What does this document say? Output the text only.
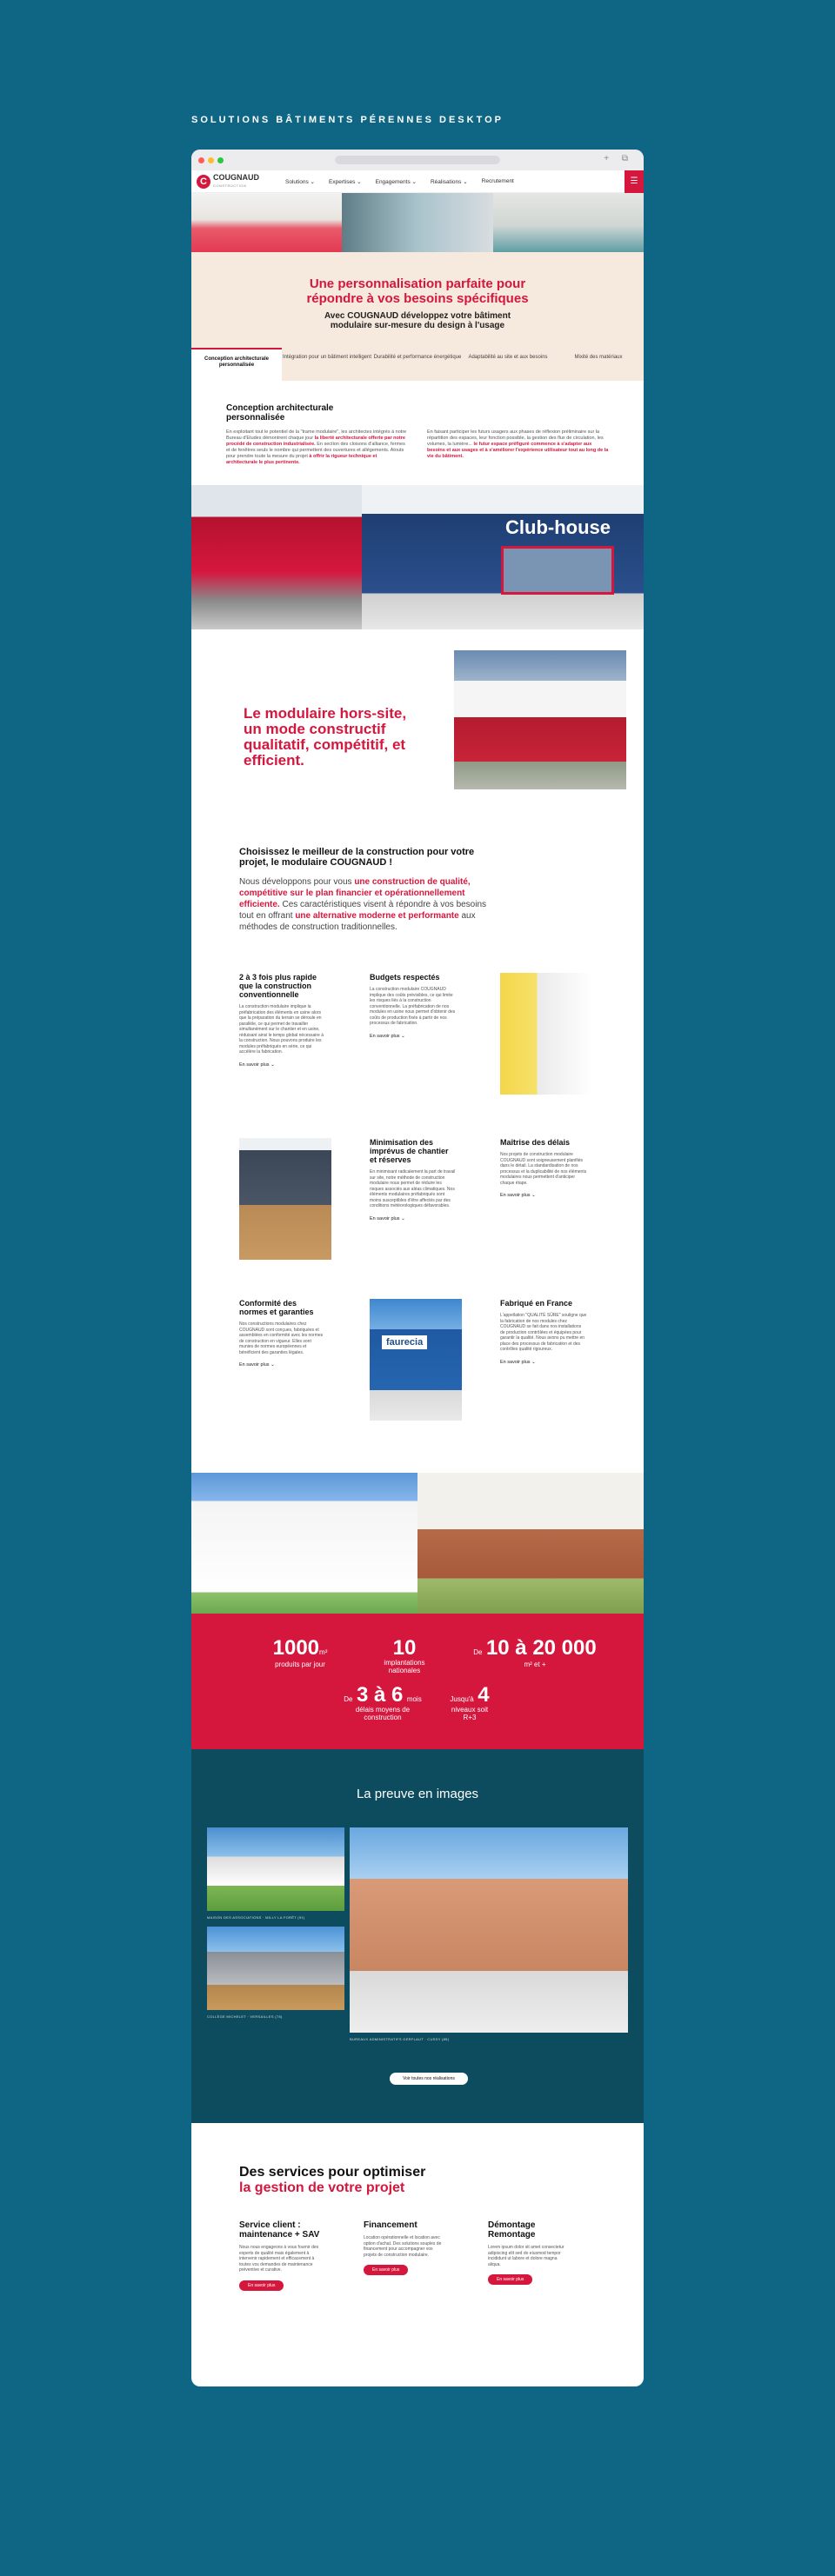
SOLUTIONS BÂTIMENTS PÉRENNES DESKTOP
+ ⧉
C COUGNAUD
CONSTRUCTION
Solutions ⌄ Expertises ⌄ Engagements ⌄ Réalisations ⌄ Recrutement	☰
Une personnalisation parfaite pour répondre à vos besoins spécifiques

Avec COUGNAUD développez votre bâtiment modulaire sur-mesure du design à l'usage

Conception architecturale personnalisée
Intégration pour un bâtiment intelligent Durabilité et performance énergétique	Adaptabilité au site et aux besoins	Mixité des matériaux
Conception architecturale personnalisée

En exploitant tout le potentiel de la "trame modulaire", les architectes intégrés à notre Bureau d'Etudes démontrent chaque jour la liberté architecturale offerte par notre procédé de construction industrialisée. En section des cloisons d'alliance, fermes et de fenêtres seuls le nombre qui permettent des ouvertures et allégements. Atouts pour prendre toute la mesure du projet à offrir la rigueur technique et architecturale le plus pertinente.

En faisant participer les futurs usagers aux phases de réflexion préliminaire sur la répartition des espaces, leur fonction possible, la gestion des flux de circulation, les volumes, la lumière... le futur espace préfiguré commence à s'adapter aux besoins et aux usages et à s'améliorer l'expérience utilisateur tout au long de la vie du bâtiment.

Club-house
Le modulaire hors-site, un mode constructif qualitatif, compétitif, et efficient.
Choisissez le meilleur de la construction pour votre projet, le modulaire COUGNAUD !

Nous développons pour vous une construction de qualité, compétitive sur le plan financier et opérationnellement efficiente. Ces caractéristiques visent à répondre à vos besoins tout en offrant une alternative moderne et performante aux méthodes de construction traditionnelles.

2 à 3 fois plus rapide que la construction conventionnelle

La construction modulaire implique la préfabrication des éléments en usine alors que la préparation du terrain se déroule en parallèle, ce qui permet de travailler simultanément sur le chantier et en usine, réduisant ainsi le temps global nécessaire à la construction. Nous pouvons produire les modules préfabriqués en série, ce qui accélère la fabrication.

En savoir plus ⌄
Budgets respectés

La construction modulaire COUGNAUD implique des coûts prévisibles, ce qui limite les risques liés à la construction conventionnelle. La préfabrication de nos modules en usine nous permet d'obtenir des coûts de production fixés à partir de nos processus de fabrication.

En savoir plus ⌄
Minimisation des imprévus de chantier et réserves

En minimisant radicalement la part de travail sur site, notre méthode de construction modulaire nous permet de réduire les risques associés aux aléas climatiques. Nos éléments modulaires préfabriqués sont moins susceptibles d'être affectés par des conditions météorologiques défavorables.

En savoir plus ⌄
Maîtrise des délais

Nos projets de construction modulaire COUGNAUD sont soigneusement planifiés dans le détail. La standardisation de nos processus et la duplicabilité de nos éléments modulaires nous permettent d'anticiper chaque étape.

En savoir plus ⌄
Conformité des normes et garanties

Nos constructions modulaires chez COUGNAUD sont conçues, fabriquées et assemblées en conformité avec les normes de construction en vigueur. Elles sont munies de normes européennes et bénéficient des garanties légales.

En savoir plus ⌄
faurecia
Fabriqué en France

L'appellation "QUALITÉ SÛRE" souligne que la fabrication de nos modules chez COUGNAUD se fait dans nos installations de production contrôlées et équipées pour garantir la qualité. Nous avons pu mettre en place des processus de fabrication et des contrôles qualité rigoureux.

En savoir plus ⌄
1000m²
produits par jour
10
implantations nationales
De 10 à 20 000
m² et +
De 3 à 6 mois
délais moyens de construction
Jusqu'à 4
niveaux soit R+3
La preuve en images
MAISON DES ASSOCIATIONS · MILLY LA FORÊT (91)
COLLÈGE MICHELET · VERSAILLES (78)
BUREAUX ADMINISTRATIFS GERFLAUT · CUSSY (85)
Voir toutes nos réalisations
Des services pour optimiser
la gestion de votre projet
Service client : maintenance + SAV

Nous nous engageons à vous fournir des experts de qualité mais également à intervenir rapidement et efficacement à toutes vos demandes de maintenance préventive et curative.

En savoir plus
Financement

Location opérationnelle et location avec option d'achat. Des solutions souples de financement pour accompagner vos projets de construction modulaire.

En savoir plus
Démontage Remontage

Lorem ipsum dolor sit amet consectetur adipiscing elit sed do eiusmod tempor incididunt ut labore et dolore magna aliqua.

En savoir plus
